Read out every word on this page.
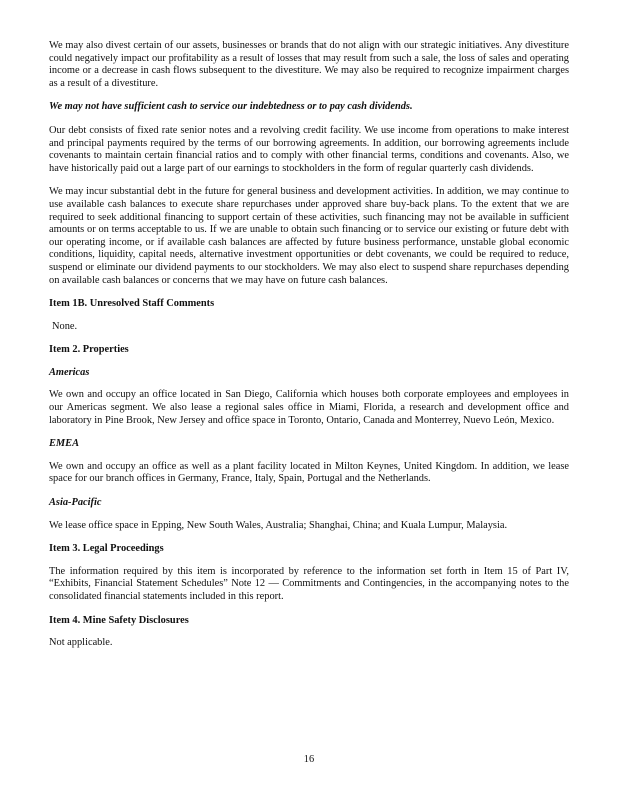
We may also divest certain of our assets, businesses or brands that do not align with our strategic initiatives. Any divestiture could negatively impact our profitability as a result of losses that may result from such a sale, the loss of sales and operating income or a decrease in cash flows subsequent to the divestiture. We may also be required to recognize impairment charges as a result of a divestiture.

We may not have sufficient cash to service our indebtedness or to pay cash dividends.

Our debt consists of fixed rate senior notes and a revolving credit facility. We use income from operations to make interest and principal payments required by the terms of our borrowing agreements. In addition, our borrowing agreements include covenants to maintain certain financial ratios and to comply with other financial terms, conditions and covenants. Also, we have historically paid out a large part of our earnings to stockholders in the form of regular quarterly cash dividends.

We may incur substantial debt in the future for general business and development activities. In addition, we may continue to use available cash balances to execute share repurchases under approved share buy-back plans. To the extent that we are required to seek additional financing to support certain of these activities, such financing may not be available in sufficient amounts or on terms acceptable to us. If we are unable to obtain such financing or to service our existing or future debt with our operating income, or if available cash balances are affected by future business performance, unstable global economic conditions, liquidity, capital needs, alternative investment opportunities or debt covenants, we could be required to reduce, suspend or eliminate our dividend payments to our stockholders. We may also elect to suspend share repurchases depending on available cash balances or concerns that we may have on future cash balances.

Item 1B. Unresolved Staff Comments

None.

Item 2. Properties

Americas

We own and occupy an office located in San Diego, California which houses both corporate employees and employees in our Americas segment. We also lease a regional sales office in Miami, Florida, a research and development office and laboratory in Pine Brook, New Jersey and office space in Toronto, Ontario, Canada and Monterrey, Nuevo León, Mexico.

EMEA

We own and occupy an office as well as a plant facility located in Milton Keynes, United Kingdom. In addition, we lease space for our branch offices in Germany, France, Italy, Spain, Portugal and the Netherlands.

Asia-Pacific

We lease office space in Epping, New South Wales, Australia; Shanghai, China; and Kuala Lumpur, Malaysia.

Item 3. Legal Proceedings

The information required by this item is incorporated by reference to the information set forth in Item 15 of Part IV, “Exhibits, Financial Statement Schedules” Note 12 — Commitments and Contingencies, in the accompanying notes to the consolidated financial statements included in this report.

Item 4. Mine Safety Disclosures

Not applicable.

16
